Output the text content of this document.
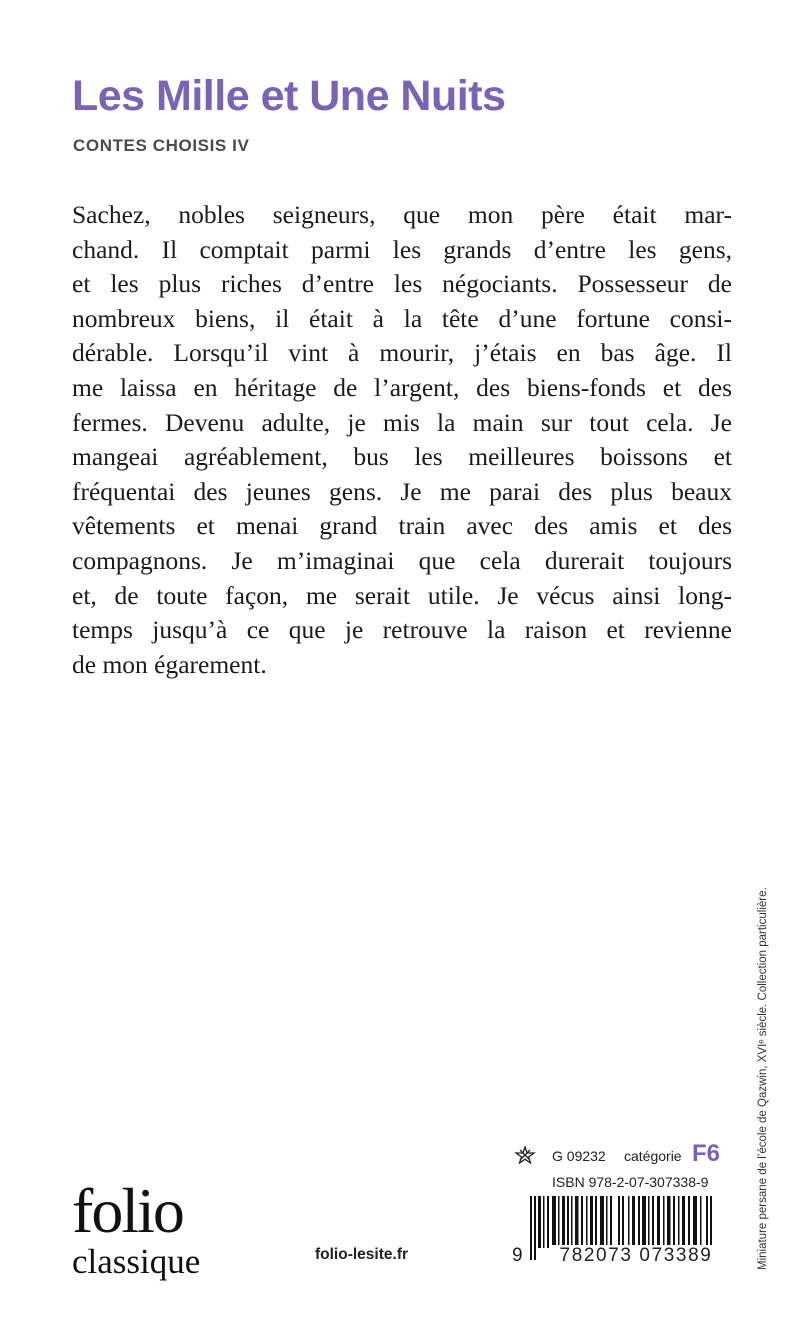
Les Mille et Une Nuits
CONTES CHOISIS IV
Sachez, nobles seigneurs, que mon père était mar-
chand. Il comptait parmi les grands d’entre les gens,
et les plus riches d’entre les négociants. Possesseur de
nombreux biens, il était à la tête d’une fortune consi-
dérable. Lorsqu’il vint à mourir, j’étais en bas âge. Il
me laissa en héritage de l’argent, des biens-fonds et des
fermes. Devenu adulte, je mis la main sur tout cela. Je
mangeai agréablement, bus les meilleures boissons et
fréquentai des jeunes gens. Je me parai des plus beaux
vêtements et menai grand train avec des amis et des
compagnons. Je m’imaginai que cela durerait toujours
et, de toute façon, me serait utile. Je vécus ainsi long-
temps jusqu’à ce que je retrouve la raison et revienne
de mon égarement.
Miniature persane de l’école de Qazwin, XVIᵉ siècle. Collection particulière.
folio
classique	folio-lesite.fr
G 09232 catégorie F6
ISBN 978-2-07-307338-9
9	782073 073389
